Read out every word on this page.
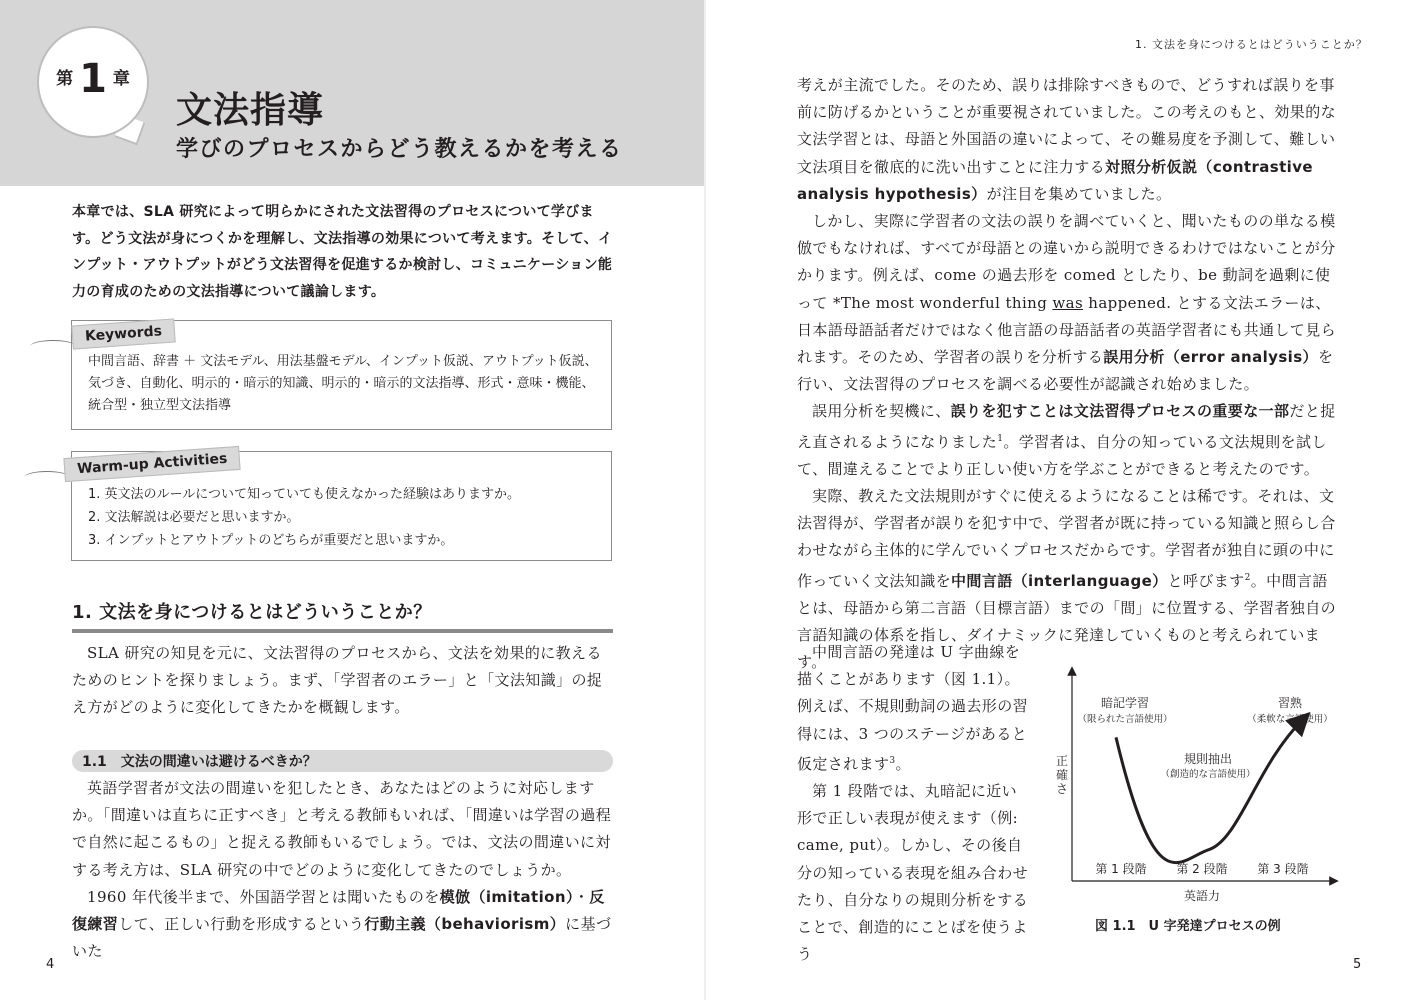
第 1 章
文法指導
学びのプロセスからどう教えるかを考える
本章では、SLA 研究によって明らかにされた文法習得のプロセスについて学びます。どう文法が身につくかを理解し、文法指導の効果について考えます。そして、インプット・アウトプットがどう文法習得を促進するか検討し、コミュニケーション能力の育成のための文法指導について議論します。
Keywords
中間言語、辞書 ＋ 文法モデル、用法基盤モデル、インプット仮説、アウトプット仮説、気づき、自動化、明示的・暗示的知識、明示的・暗示的文法指導、形式・意味・機能、統合型・独立型文法指導
Warm-up Activities
1. 英文法のルールについて知っていても使えなかった経験はありますか。
2. 文法解説は必要だと思いますか。
3. インプットとアウトプットのどちらが重要だと思いますか。
1. 文法を身につけるとはどういうことか？

SLA 研究の知見を元に、文法習得のプロセスから、文法を効果的に教えるためのヒントを探りましょう。まず、「学習者のエラー」と「文法知識」の捉え方がどのように変化してきたかを概観します。

1.1　文法の間違いは避けるべきか？

英語学習者が文法の間違いを犯したとき、あなたはどのように対応しますか。「間違いは直ちに正すべき」と考える教師もいれば、「間違いは学習の過程で自然に起こるもの」と捉える教師もいるでしょう。では、文法の間違いに対する考え方は、SLA 研究の中でどのように変化してきたのでしょうか。

1960 年代後半まで、外国語学習とは聞いたものを模倣（imitation）・反復練習して、正しい行動を形成するという行動主義（behaviorism）に基づいた

4
1. 文法を身につけるとはどういうことか？

考えが主流でした。そのため、誤りは排除すべきもので、どうすれば誤りを事前に防げるかということが重要視されていました。この考えのもと、効果的な文法学習とは、母語と外国語の違いによって、その難易度を予測して、難しい文法項目を徹底的に洗い出すことに注力する対照分析仮説（contrastive analysis hypothesis）が注目を集めていました。

しかし、実際に学習者の文法の誤りを調べていくと、聞いたものの単なる模倣でもなければ、すべてが母語との違いから説明できるわけではないことが分かります。例えば、come の過去形を comed としたり、be 動詞を過剰に使って *The most wonderful thing was happened. とする文法エラーは、日本語母語話者だけではなく他言語の母語話者の英語学習者にも共通して見られます。そのため、学習者の誤りを分析する誤用分析（error analysis）を行い、文法習得のプロセスを調べる必要性が認識され始めました。

誤用分析を契機に、誤りを犯すことは文法習得プロセスの重要な一部だと捉え直されるようになりました$^1$。学習者は、自分の知っている文法規則を試して、間違えることでより正しい使い方を学ぶことができると考えたのです。

実際、教えた文法規則がすぐに使えるようになることは稀です。それは、文法習得が、学習者が誤りを犯す中で、学習者が既に持っている知識と照らし合わせながら主体的に学んでいくプロセスだからです。学習者が独自に頭の中に作っていく文法知識を中間言語（interlanguage）と呼びます$^2$。中間言語とは、母語から第二言語（目標言語）までの「間」に位置する、学習者独自の言語知識の体系を指し、ダイナミックに発達していくものと考えられています。

中間言語の発達は U 字曲線を描くことがあります（図 1.1）。例えば、不規則動詞の過去形の習得には、3 つのステージがあると仮定されます$^3$。

第 1 段階では、丸暗記に近い形で正しい表現が使えます（例: came, put）。しかし、その後自分の知っている表現を組み合わせたり、自分なりの規則分析をすることで、創造的にことばを使うよう

正確さ
英語力
第 1 段階 第 2 段階 第 3 段階
暗記学習
（限られた言語使用）
規則抽出
（創造的な言語使用）
習熟
（柔軟な言語使用）
図 1.1　U 字発達プロセスの例
5
